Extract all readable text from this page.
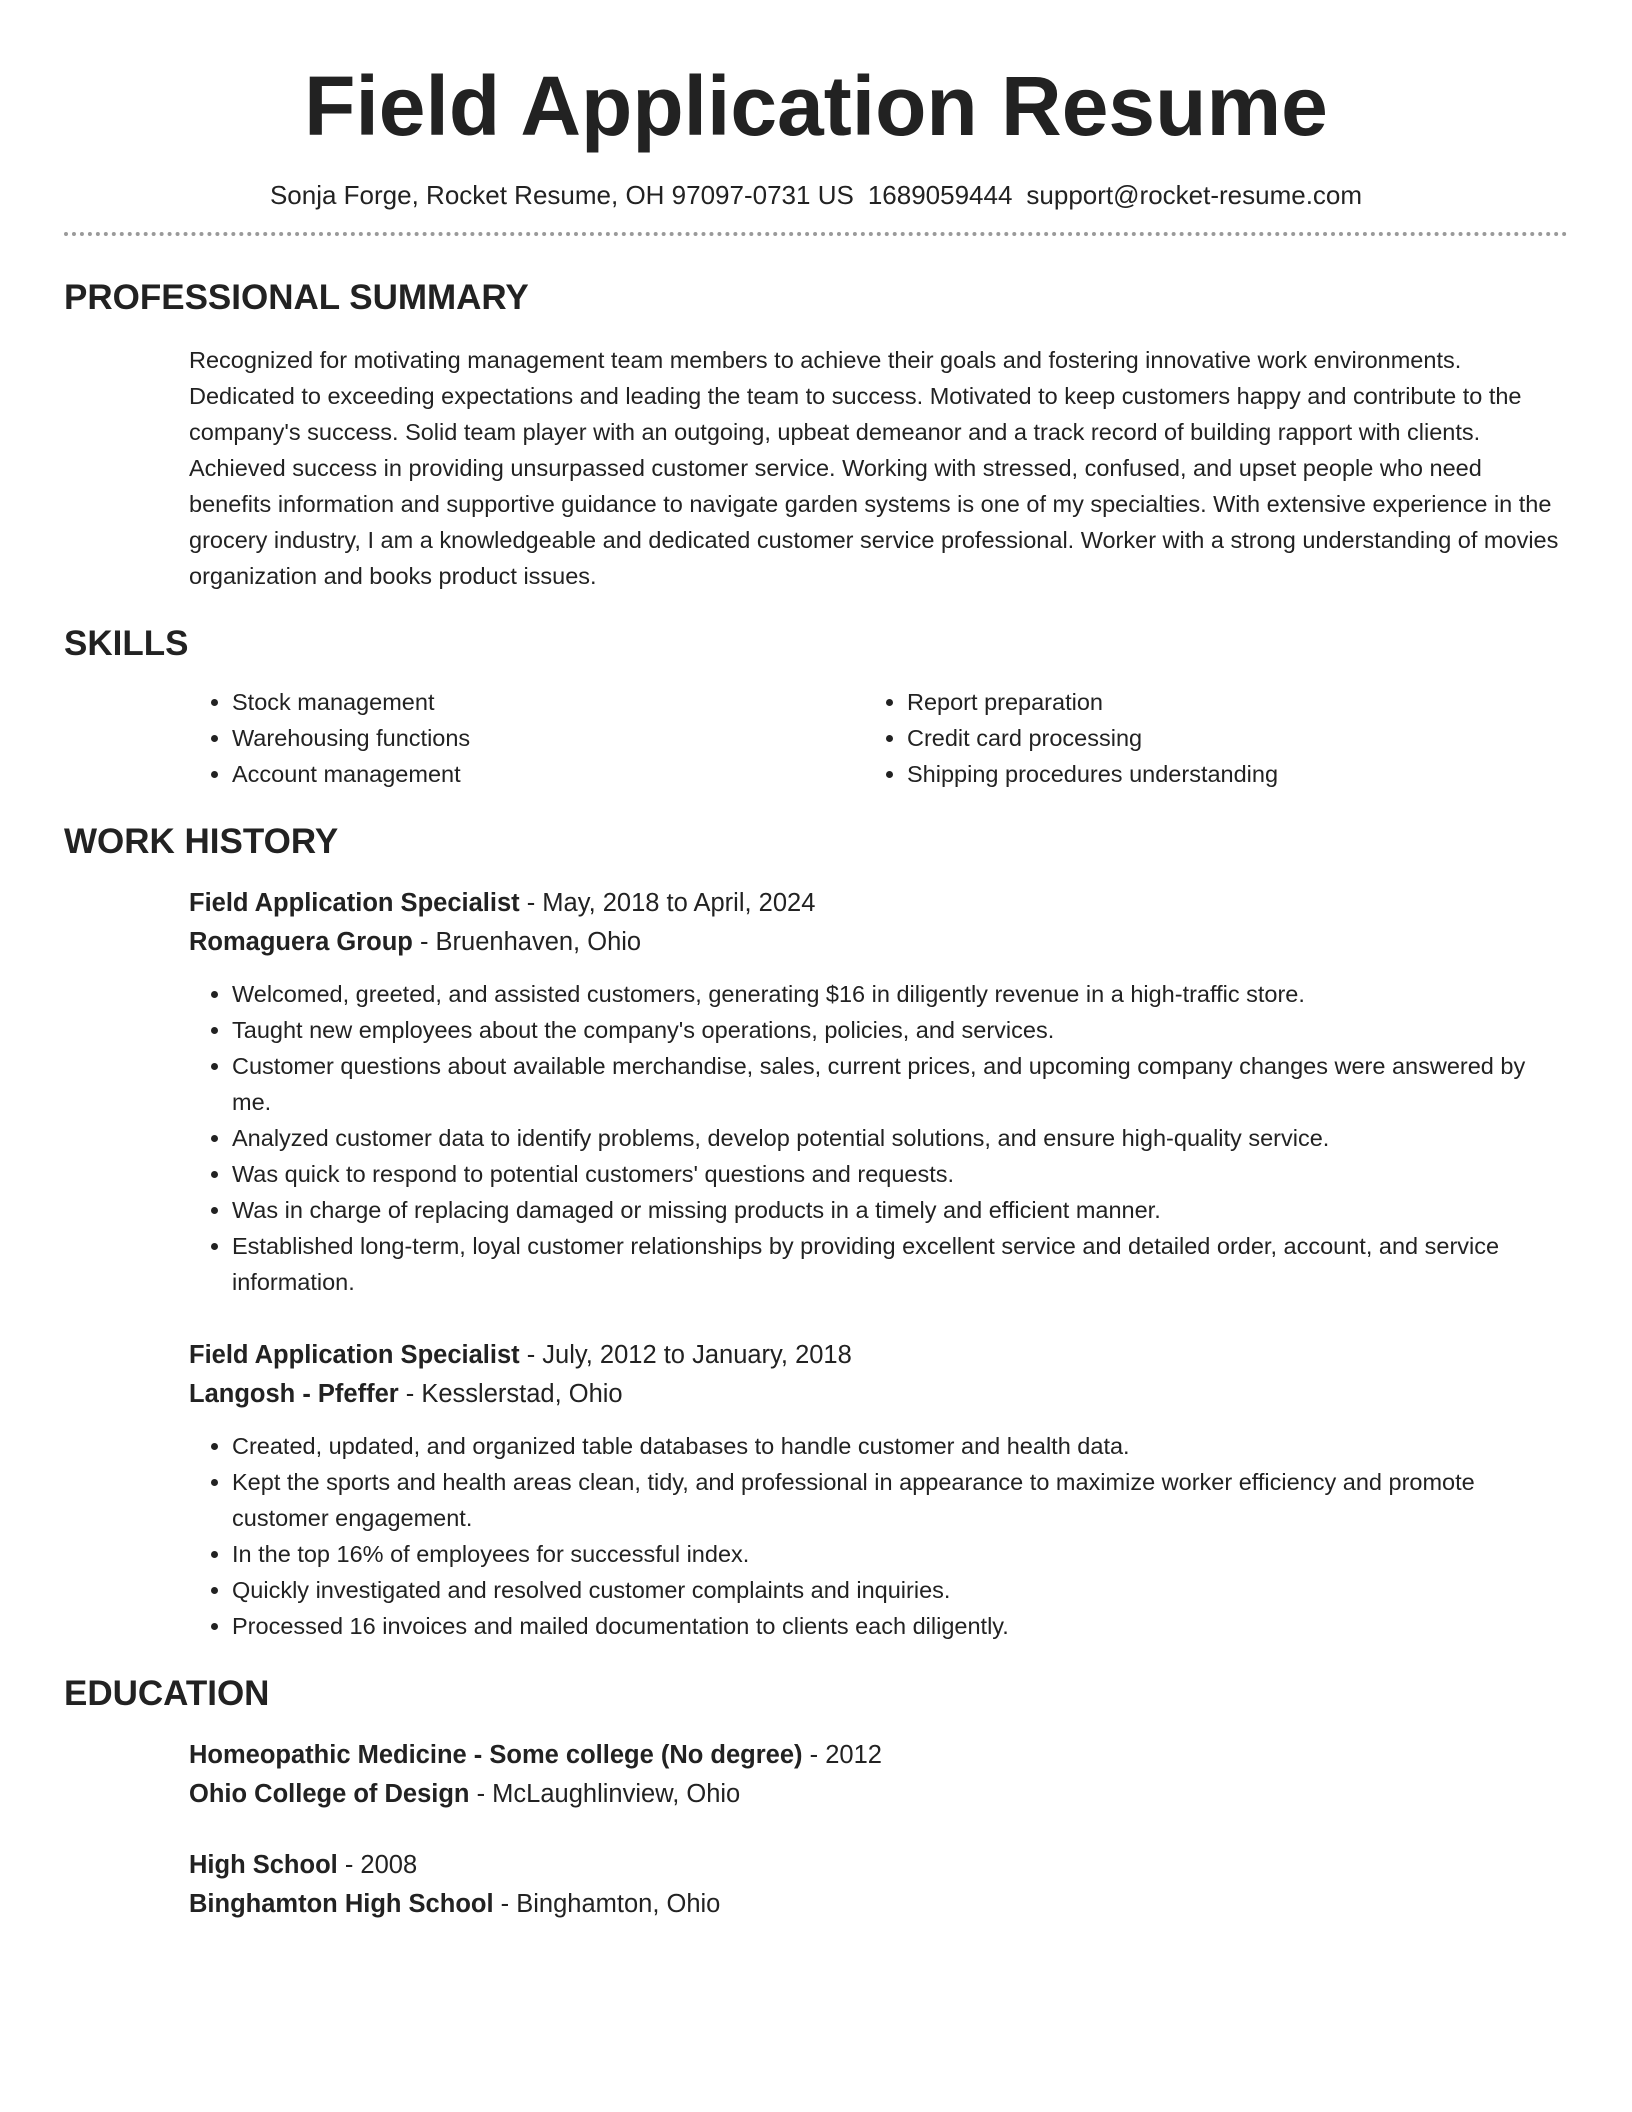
Field Application Resume
Sonja Forge, Rocket Resume, OH 97097-0731 US 1689059444 support@rocket-resume.com
PROFESSIONAL SUMMARY
Recognized for motivating management team members to achieve their goals and fostering innovative work environments. Dedicated to exceeding expectations and leading the team to success. Motivated to keep customers happy and contribute to the company's success. Solid team player with an outgoing, upbeat demeanor and a track record of building rapport with clients. Achieved success in providing unsurpassed customer service. Working with stressed, confused, and upset people who need benefits information and supportive guidance to navigate garden systems is one of my specialties. With extensive experience in the grocery industry, I am a knowledgeable and dedicated customer service professional. Worker with a strong understanding of movies organization and books product issues.
SKILLS
• Stock management
• Warehousing functions
• Account management
• Report preparation
• Credit card processing
• Shipping procedures understanding
WORK HISTORY
Field Application Specialist - May, 2018 to April, 2024
Romaguera Group - Bruenhaven, Ohio
• Welcomed, greeted, and assisted customers, generating $16 in diligently revenue in a high-traffic store.
• Taught new employees about the company's operations, policies, and services.
• Customer questions about available merchandise, sales, current prices, and upcoming company changes were answered by me.
• Analyzed customer data to identify problems, develop potential solutions, and ensure high-quality service.
• Was quick to respond to potential customers' questions and requests.
• Was in charge of replacing damaged or missing products in a timely and efficient manner.
• Established long-term, loyal customer relationships by providing excellent service and detailed order, account, and service information.
Field Application Specialist - July, 2012 to January, 2018
Langosh - Pfeffer - Kesslerstad, Ohio
• Created, updated, and organized table databases to handle customer and health data.
• Kept the sports and health areas clean, tidy, and professional in appearance to maximize worker efficiency and promote customer engagement.
• In the top 16% of employees for successful index.
• Quickly investigated and resolved customer complaints and inquiries.
• Processed 16 invoices and mailed documentation to clients each diligently.
EDUCATION
Homeopathic Medicine - Some college (No degree) - 2012
Ohio College of Design - McLaughlinview, Ohio
High School - 2008
Binghamton High School - Binghamton, Ohio
